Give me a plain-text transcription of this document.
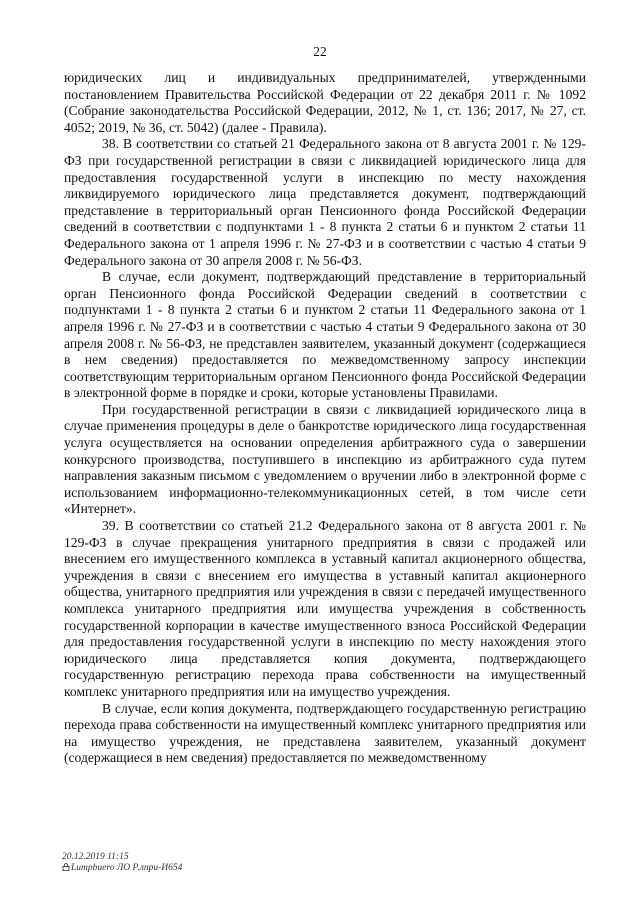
22

юридических лиц и индивидуальных предпринимателей, утвержденными постановлением Правительства Российской Федерации от 22 декабря 2011 г. № 1092 (Собрание законодательства Российской Федерации, 2012, № 1, ст. 136; 2017, № 27, ст. 4052; 2019, № 36, ст. 5042) (далее - Правила).

38. В соответствии со статьей 21 Федерального закона от 8 августа 2001 г. № 129-ФЗ при государственной регистрации в связи с ликвидацией юридического лица для предоставления государственной услуги в инспекцию по месту нахождения ликвидируемого юридического лица представляется документ, подтверждающий представление в территориальный орган Пенсионного фонда Российской Федерации сведений в соответствии с подпунктами 1 - 8 пункта 2 статьи 6 и пунктом 2 статьи 11 Федерального закона от 1 апреля 1996 г. № 27-ФЗ и в соответствии с частью 4 статьи 9 Федерального закона от 30 апреля 2008 г. № 56-ФЗ.

В случае, если документ, подтверждающий представление в территориальный орган Пенсионного фонда Российской Федерации сведений в соответствии с подпунктами 1 - 8 пункта 2 статьи 6 и пунктом 2 статьи 11 Федерального закона от 1 апреля 1996 г. № 27-ФЗ и в соответствии с частью 4 статьи 9 Федерального закона от 30 апреля 2008 г. № 56-ФЗ, не представлен заявителем, указанный документ (содержащиеся в нем сведения) предоставляется по межведомственному запросу инспекции соответствующим территориальным органом Пенсионного фонда Российской Федерации в электронной форме в порядке и сроки, которые установлены Правилами.

При государственной регистрации в связи с ликвидацией юридического лица в случае применения процедуры в деле о банкротстве юридического лица государственная услуга осуществляется на основании определения арбитражного суда о завершении конкурсного производства, поступившего в инспекцию из арбитражного суда путем направления заказным письмом с уведомлением о вручении либо в электронной форме с использованием информационно-телекоммуникационных сетей, в том числе сети «Интернет».

39. В соответствии со статьей 21.2 Федерального закона от 8 августа 2001 г. № 129-ФЗ в случае прекращения унитарного предприятия в связи с продажей или внесением его имущественного комплекса в уставный капитал акционерного общества, учреждения в связи с внесением его имущества в уставный капитал акционерного общества, унитарного предприятия или учреждения в связи с передачей имущественного комплекса унитарного предприятия или имущества учреждения в собственность государственной корпорации в качестве имущественного взноса Российской Федерации для предоставления государственной услуги в инспекцию по месту нахождения этого юридического лица представляется копия документа, подтверждающего государственную регистрацию перехода права собственности на имущественный комплекс унитарного предприятия или на имущество учреждения.

В случае, если копия документа, подтверждающего государственную регистрацию перехода права собственности на имущественный комплекс унитарного предприятия или на имущество учреждения, не представлена заявителем, указанный документ (содержащиеся в нем сведения) предоставляется по межведомственному

20.12.2019 11:15
Lumpbuero ЛО Р.лпрu-И654
